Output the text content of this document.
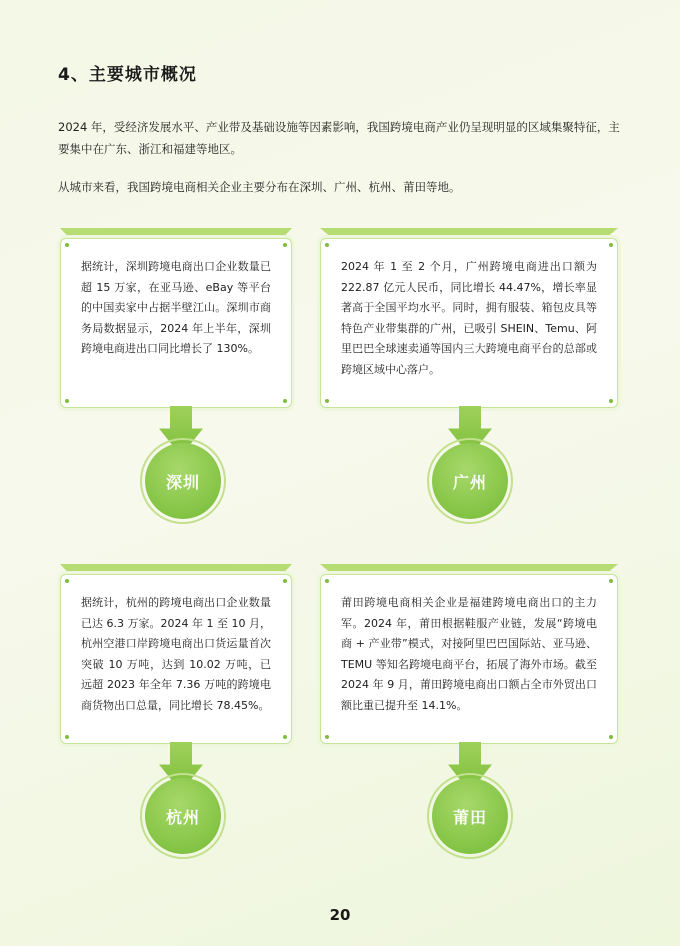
4、主要城市概况
2024 年，受经济发展水平、产业带及基础设施等因素影响，我国跨境电商产业仍呈现明显的区域集聚特征，主要集中在广东、浙江和福建等地区。
从城市来看，我国跨境电商相关企业主要分布在深圳、广州、杭州、莆田等地。
据统计，深圳跨境电商出口企业数量已超 15 万家，在亚马逊、eBay 等平台的中国卖家中占据半壁江山。深圳市商务局数据显示，2024 年上半年，深圳跨境电商进出口同比增长了 130%。
深圳
2024 年 1 至 2 个月，广州跨境电商进出口额为 222.87 亿元人民币，同比增长 44.47%，增长率显著高于全国平均水平。同时，拥有服装、箱包皮具等特色产业带集群的广州，已吸引 SHEIN、Temu、阿里巴巴全球速卖通等国内三大跨境电商平台的总部或跨境区域中心落户。
广州
据统计，杭州的跨境电商出口企业数量已达 6.3 万家。2024 年 1 至 10 月，杭州空港口岸跨境电商出口货运量首次突破 10 万吨，达到 10.02 万吨，已远超 2023 年全年 7.36 万吨的跨境电商货物出口总量，同比增长 78.45%。
杭州
莆田跨境电商相关企业是福建跨境电商出口的主力军。2024 年，莆田根据鞋服产业链，发展“跨境电商 + 产业带”模式，对接阿里巴巴国际站、亚马逊、TEMU 等知名跨境电商平台，拓展了海外市场。截至 2024 年 9 月，莆田跨境电商出口额占全市外贸出口额比重已提升至 14.1%。
莆田
20
